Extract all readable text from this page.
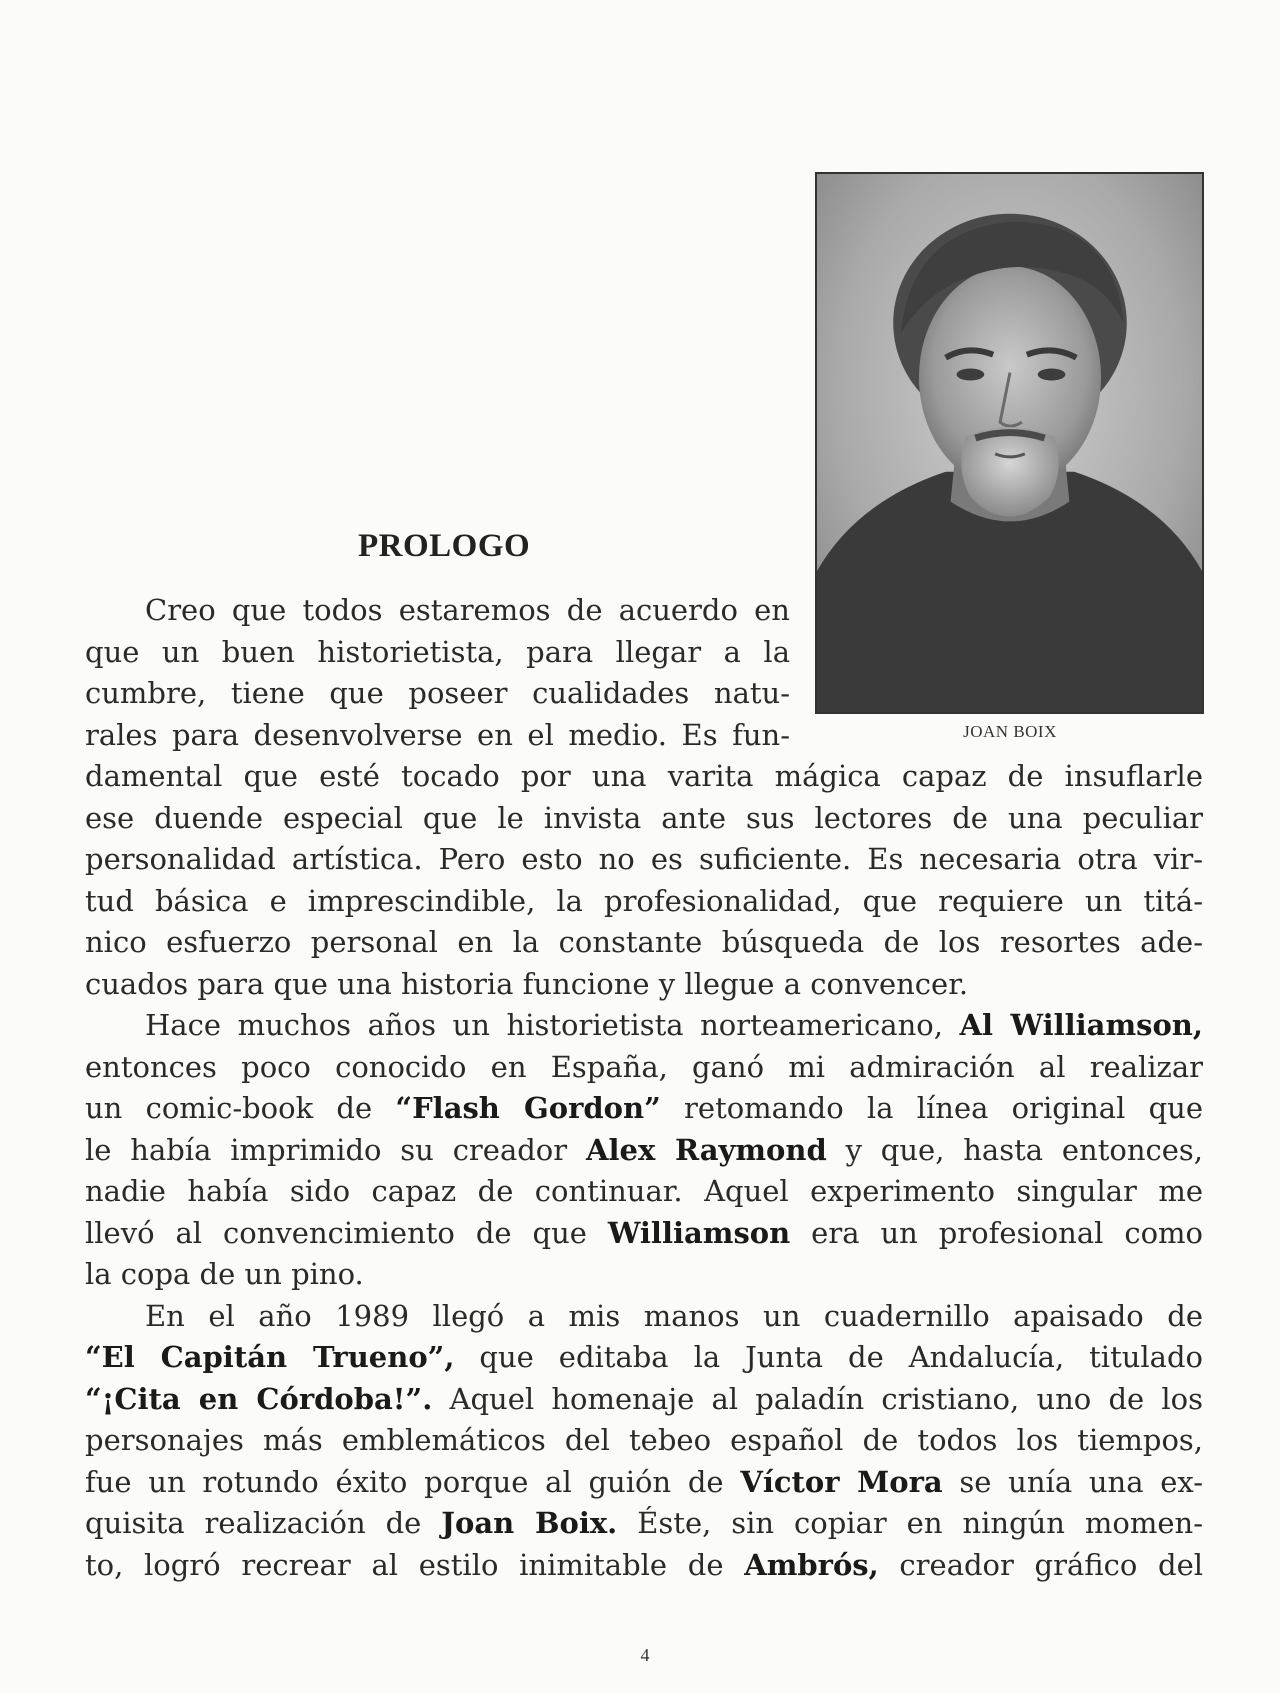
JOAN BOIX
PROLOGO
Creo que todos estaremos de acuerdo en
que un buen historietista, para llegar a la
cumbre, tiene que poseer cualidades natu-
rales para desenvolverse en el medio. Es fun-
damental que esté tocado por una varita mágica capaz de insuflarle
ese duende especial que le invista ante sus lectores de una peculiar
personalidad artística. Pero esto no es suficiente. Es necesaria otra vir-
tud básica e imprescindible, la profesionalidad, que requiere un titá-
nico esfuerzo personal en la constante búsqueda de los resortes ade-
cuados para que una historia funcione y llegue a convencer.
Hace muchos años un historietista norteamericano, Al Williamson,
entonces poco conocido en España, ganó mi admiración al realizar
un comic-book de “Flash Gordon” retomando la línea original que
le había imprimido su creador Alex Raymond y que, hasta entonces,
nadie había sido capaz de continuar. Aquel experimento singular me
llevó al convencimiento de que Williamson era un profesional como
la copa de un pino.
En el año 1989 llegó a mis manos un cuadernillo apaisado de
“El Capitán Trueno”, que editaba la Junta de Andalucía, titulado
“¡Cita en Córdoba!”. Aquel homenaje al paladín cristiano, uno de los
personajes más emblemáticos del tebeo español de todos los tiempos,
fue un rotundo éxito porque al guión de Víctor Mora se unía una ex-
quisita realización de Joan Boix. Éste, sin copiar en ningún momen-
to, logró recrear al estilo inimitable de Ambrós, creador gráfico del
4
